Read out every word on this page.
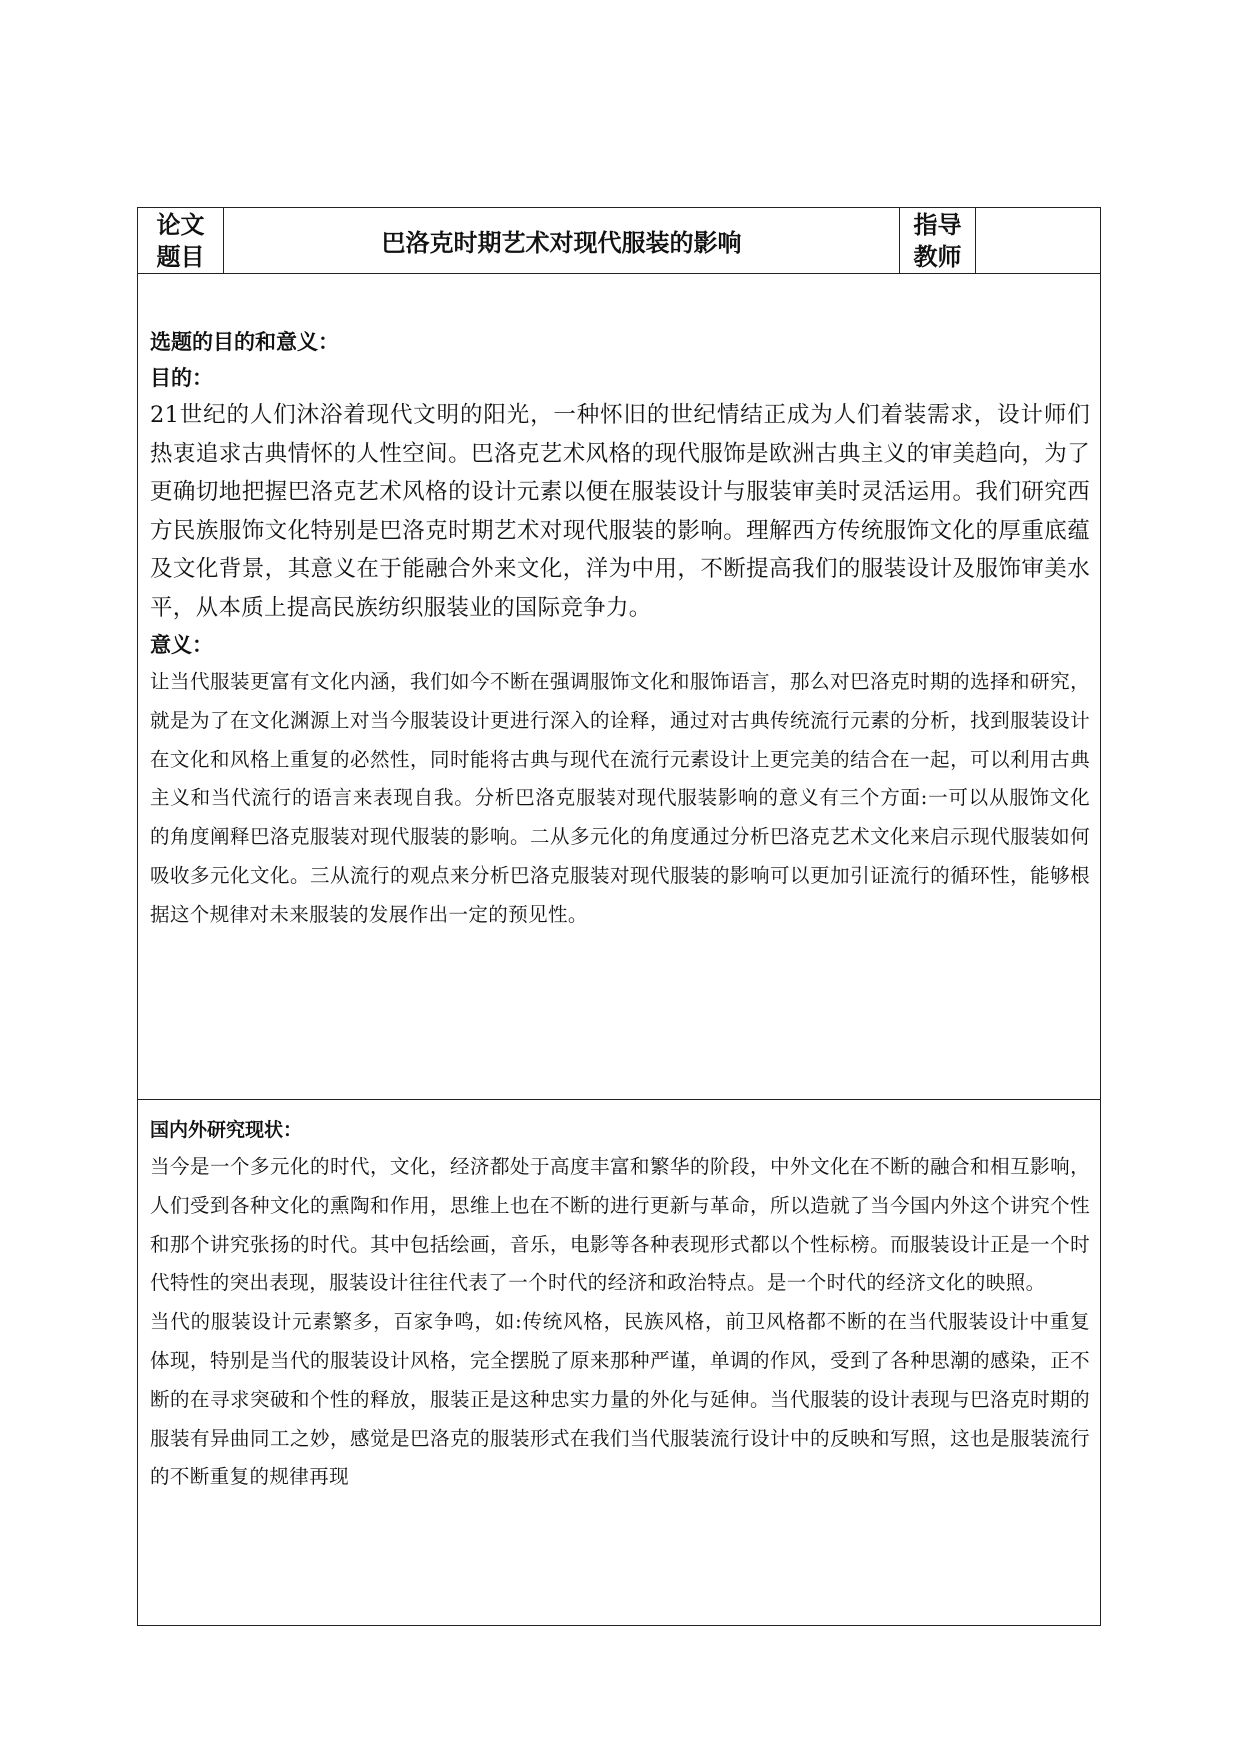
论文
题目	巴洛克时期艺术对现代服装的影响
指导
教师

选题的目的和意义：

目的：

21世纪的人们沐浴着现代文明的阳光，一种怀旧的世纪情结正成为人们着装需求，设计师们热衷追求古典情怀的人性空间。巴洛克艺术风格的现代服饰是欧洲古典主义的审美趋向，为了更确切地把握巴洛克艺术风格的设计元素以便在服装设计与服装审美时灵活运用。我们研究西方民族服饰文化特别是巴洛克时期艺术对现代服装的影响。理解西方传统服饰文化的厚重底蕴及文化背景，其意义在于能融合外来文化，洋为中用，不断提高我们的服装设计及服饰审美水平，从本质上提高民族纺织服装业的国际竞争力。

意义：

让当代服装更富有文化内涵，我们如今不断在强调服饰文化和服饰语言，那么对巴洛克时期的选择和研究，就是为了在文化渊源上对当今服装设计更进行深入的诠释，通过对古典传统流行元素的分析，找到服装设计在文化和风格上重复的必然性，同时能将古典与现代在流行元素设计上更完美的结合在一起，可以利用古典主义和当代流行的语言来表现自我。分析巴洛克服装对现代服装影响的意义有三个方面:一可以从服饰文化的角度阐释巴洛克服装对现代服装的影响。二从多元化的角度通过分析巴洛克艺术文化来启示现代服装如何吸收多元化文化。三从流行的观点来分析巴洛克服装对现代服装的影响可以更加引证流行的循环性，能够根据这个规律对未来服装的发展作出一定的预见性。

国内外研究现状：

当今是一个多元化的时代，文化，经济都处于高度丰富和繁华的阶段，中外文化在不断的融合和相互影响，人们受到各种文化的熏陶和作用，思维上也在不断的进行更新与革命，所以造就了当今国内外这个讲究个性和那个讲究张扬的时代。其中包括绘画，音乐，电影等各种表现形式都以个性标榜。而服装设计正是一个时代特性的突出表现，服装设计往往代表了一个时代的经济和政治特点。是一个时代的经济文化的映照。

当代的服装设计元素繁多，百家争鸣，如:传统风格，民族风格，前卫风格都不断的在当代服装设计中重复体现，特别是当代的服装设计风格，完全摆脱了原来那种严谨，单调的作风，受到了各种思潮的感染，正不断的在寻求突破和个性的释放，服装正是这种忠实力量的外化与延伸。当代服装的设计表现与巴洛克时期的服装有异曲同工之妙，感觉是巴洛克的服装形式在我们当代服装流行设计中的反映和写照，这也是服装流行的不断重复的规律再现
